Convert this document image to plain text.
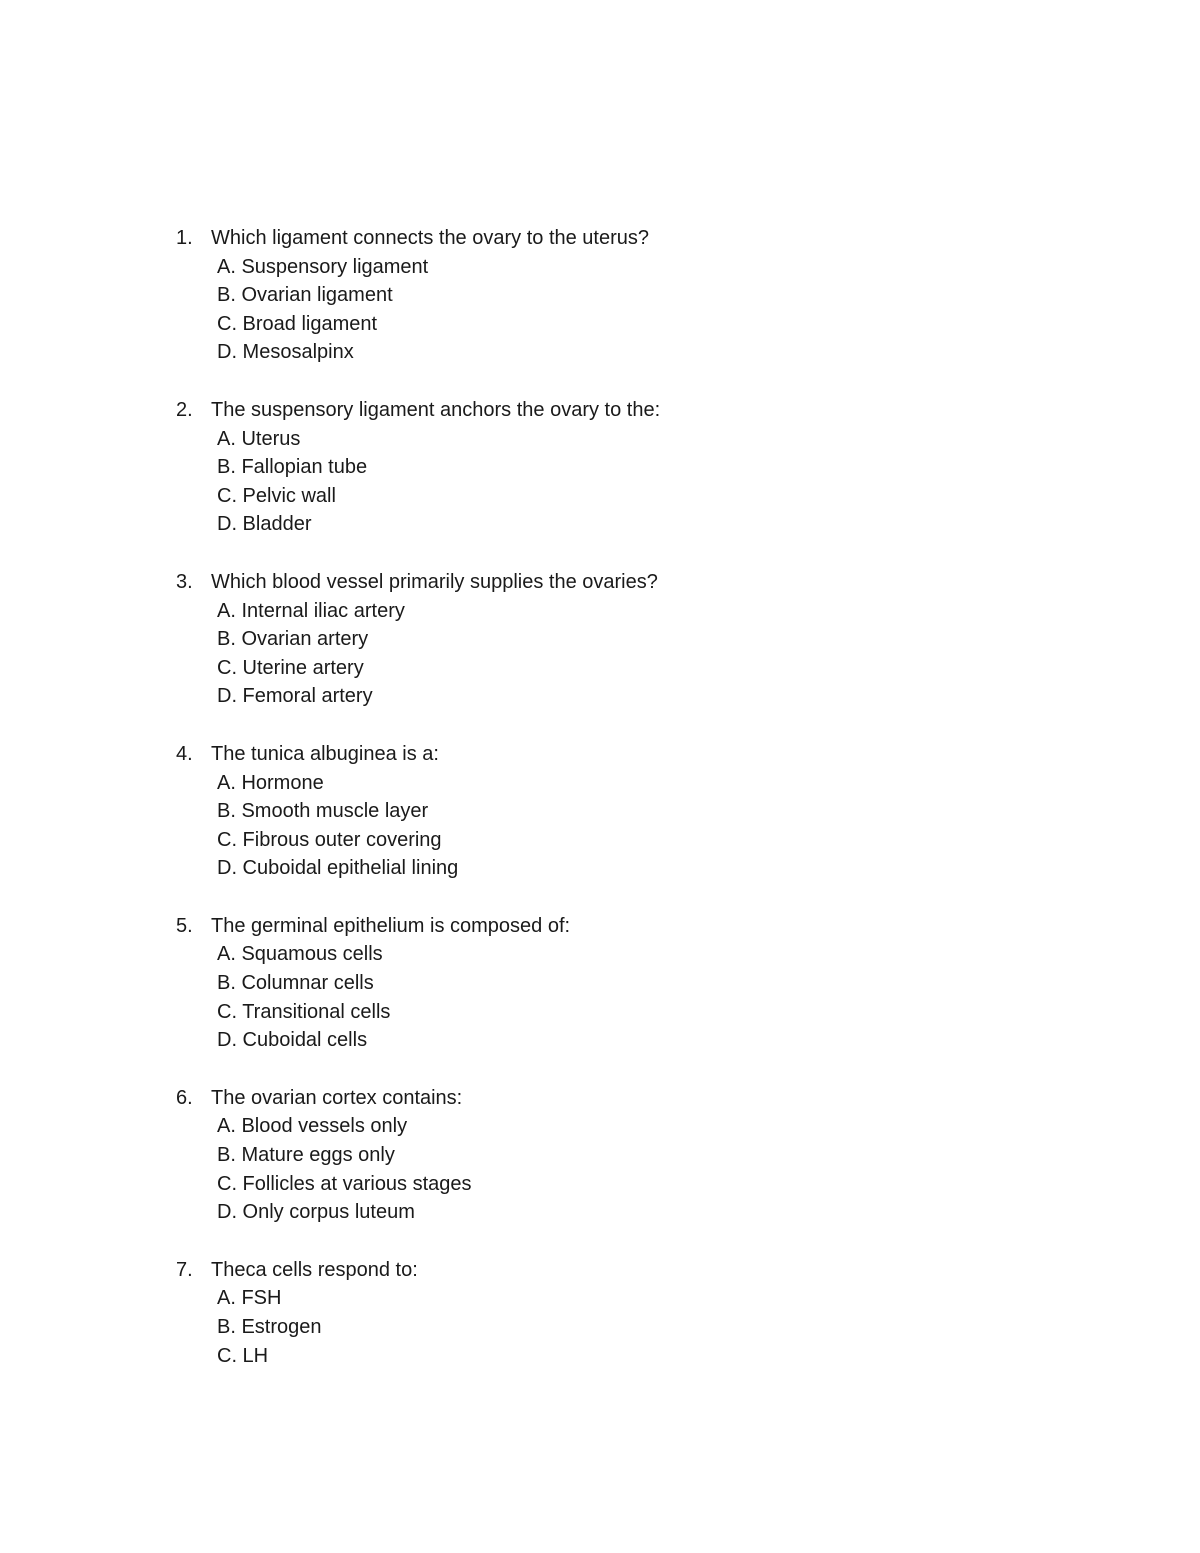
1. Which ligament connects the ovary to the uterus?
A. Suspensory ligament
B. Ovarian ligament
C. Broad ligament
D. Mesosalpinx
2. The suspensory ligament anchors the ovary to the:
A. Uterus
B. Fallopian tube
C. Pelvic wall
D. Bladder
3. Which blood vessel primarily supplies the ovaries?
A. Internal iliac artery
B. Ovarian artery
C. Uterine artery
D. Femoral artery
4. The tunica albuginea is a:
A. Hormone
B. Smooth muscle layer
C. Fibrous outer covering
D. Cuboidal epithelial lining
5. The germinal epithelium is composed of:
A. Squamous cells
B. Columnar cells
C. Transitional cells
D. Cuboidal cells
6. The ovarian cortex contains:
A. Blood vessels only
B. Mature eggs only
C. Follicles at various stages
D. Only corpus luteum
7. Theca cells respond to:
A. FSH
B. Estrogen
C. LH
